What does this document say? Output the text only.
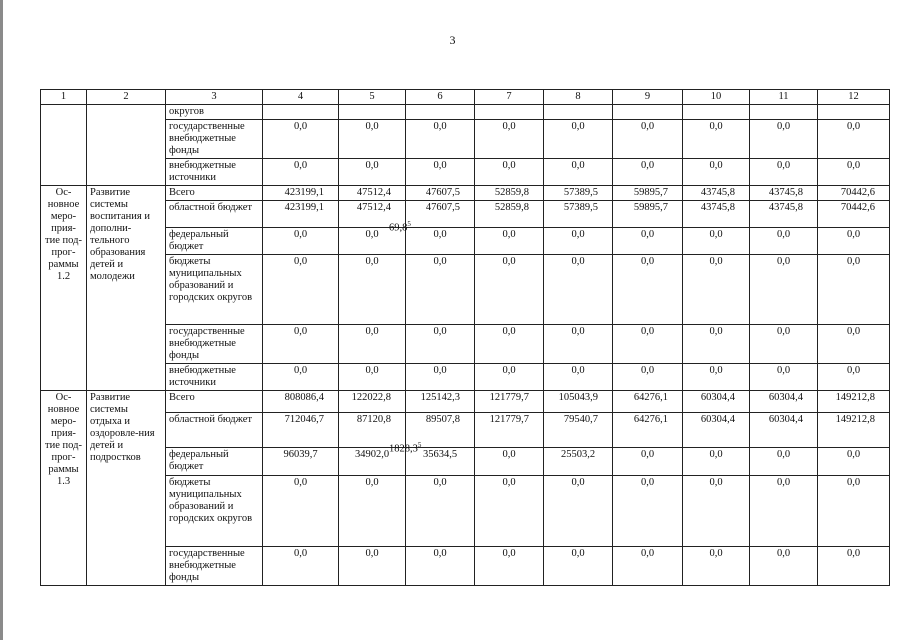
3
1	2	3	4	5	6	7	8	9	10	11	12
		округов									
		государственные внебюджетные фонды	0,0	0,0	0,0	0,0	0,0	0,0	0,0	0,0	0,0
		внебюджетные источники	0,0	0,0	0,0	0,0	0,0	0,0	0,0	0,0	0,0
Ос-новное меро-прия-тие под-прог-раммы 1.2	Развитие системы воспитания и дополни-тельного образования детей и молодежи	Всего	423199,1	47512,4	47607,5	52859,8	57389,5	59895,7	43745,8	43745,8	70442,6
		областной бюджет	423199,1	47512,4	47607,5	52859,8	57389,5	59895,7	43745,8	43745,8	70442,6
		федеральный бюджет	0,0	0,0	0,0	0,0	0,0	0,0	0,0	0,0	0,0
		бюджеты муниципальных образований и городских округов	0,0	0,0	0,0	0,0	0,0	0,0	0,0	0,0	0,0
		государственные внебюджетные фонды	0,0	0,0	0,0	0,0	0,0	0,0	0,0	0,0	0,0
		внебюджетные источники	0,0	0,0	0,0	0,0	0,0	0,0	0,0	0,0	0,0
Ос-новное меро-прия-тие под-прог-раммы 1.3	Развитие системы отдыха и оздоровле-ния детей и подростков	Всего	808086,4	122022,8	125142,3	121779,7	105043,9	64276,1	60304,4	60304,4	149212,8
		областной бюджет	712046,7	87120,8	89507,8	121779,7	79540,7	64276,1	60304,4	60304,4	149212,8
		федеральный бюджет	96039,7	34902,0	35634,5	0,0	25503,2	0,0	0,0	0,0	0,0
		бюджеты муниципальных образований и городских округов	0,0	0,0	0,0	0,0	0,0	0,0	0,0	0,0	0,0
		государственные внебюджетные фонды	0,0	0,0	0,0	0,0	0,0	0,0	0,0	0,0	0,0
69,8$^5$
1828,3$^5$
